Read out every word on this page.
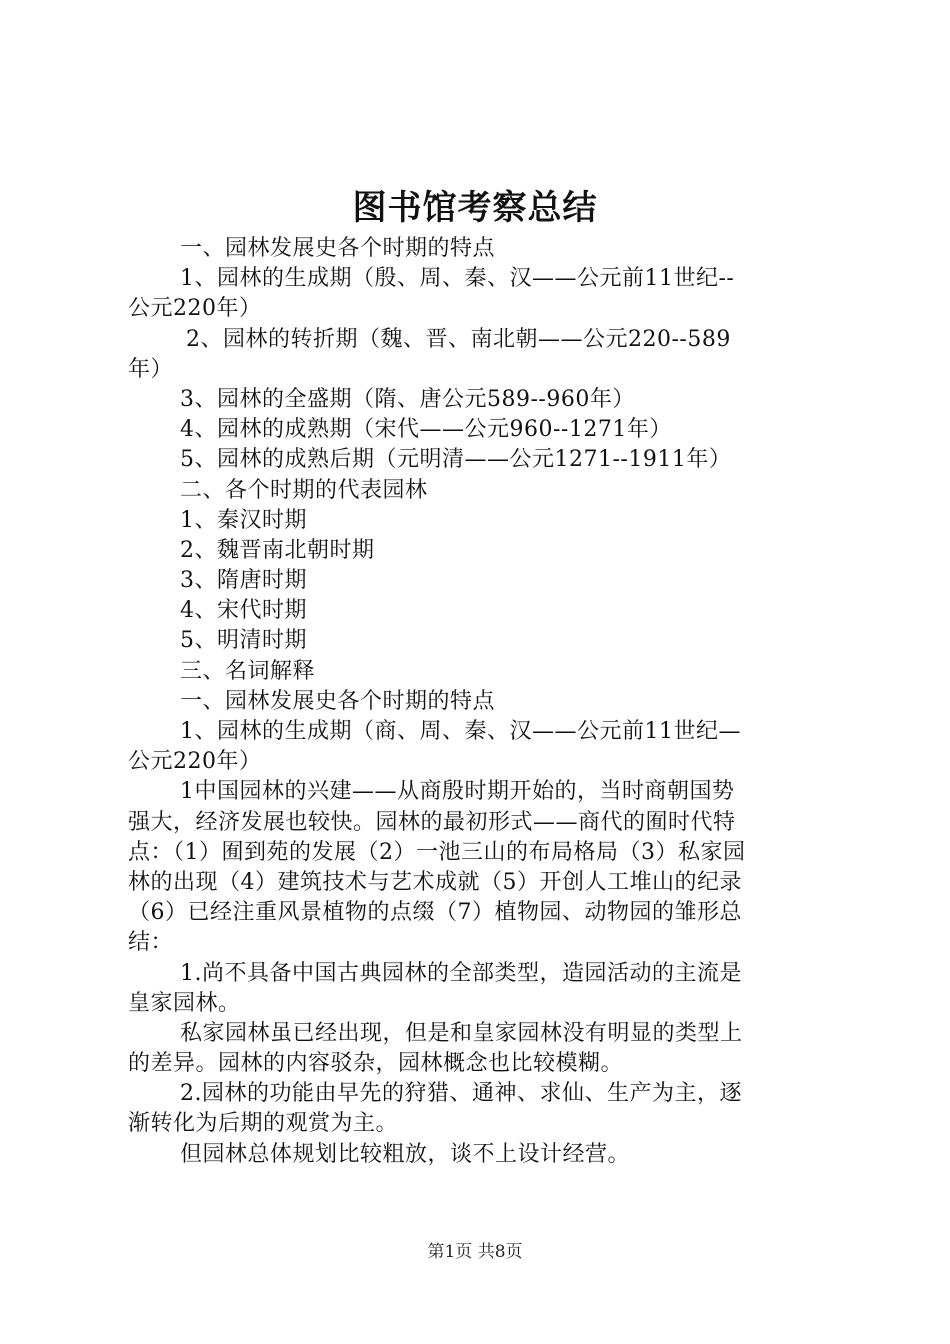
图书馆考察总结
一、园林发展史各个时期的特点
1、园林的生成期（殷、周、秦、汉——公元前11世纪--
公元220年）
2、园林的转折期（魏、晋、南北朝——公元220--589
年）
3、园林的全盛期（隋、唐公元589--960年）
4、园林的成熟期（宋代——公元960--1271年）
5、园林的成熟后期（元明清——公元1271--1911年）
二、各个时期的代表园林
1、秦汉时期
2、魏晋南北朝时期
3、隋唐时期
4、宋代时期
5、明清时期
三、名词解释
一、园林发展史各个时期的特点
1、园林的生成期（商、周、秦、汉——公元前11世纪—
公元220年）
1中国园林的兴建——从商殷时期开始的，当时商朝国势
强大，经济发展也较快。园林的最初形式——商代的囿时代特
点：（1）囿到苑的发展（2）一池三山的布局格局（3）私家园
林的出现（4）建筑技术与艺术成就（5）开创人工堆山的纪录
（6）已经注重风景植物的点缀（7）植物园、动物园的雏形总
结：
1.尚不具备中国古典园林的全部类型，造园活动的主流是
皇家园林。
私家园林虽已经出现，但是和皇家园林没有明显的类型上
的差异。园林的内容驳杂，园林概念也比较模糊。
2.园林的功能由早先的狩猎、通神、求仙、生产为主，逐
渐转化为后期的观赏为主。
但园林总体规划比较粗放，谈不上设计经营。
第1页 共8页
